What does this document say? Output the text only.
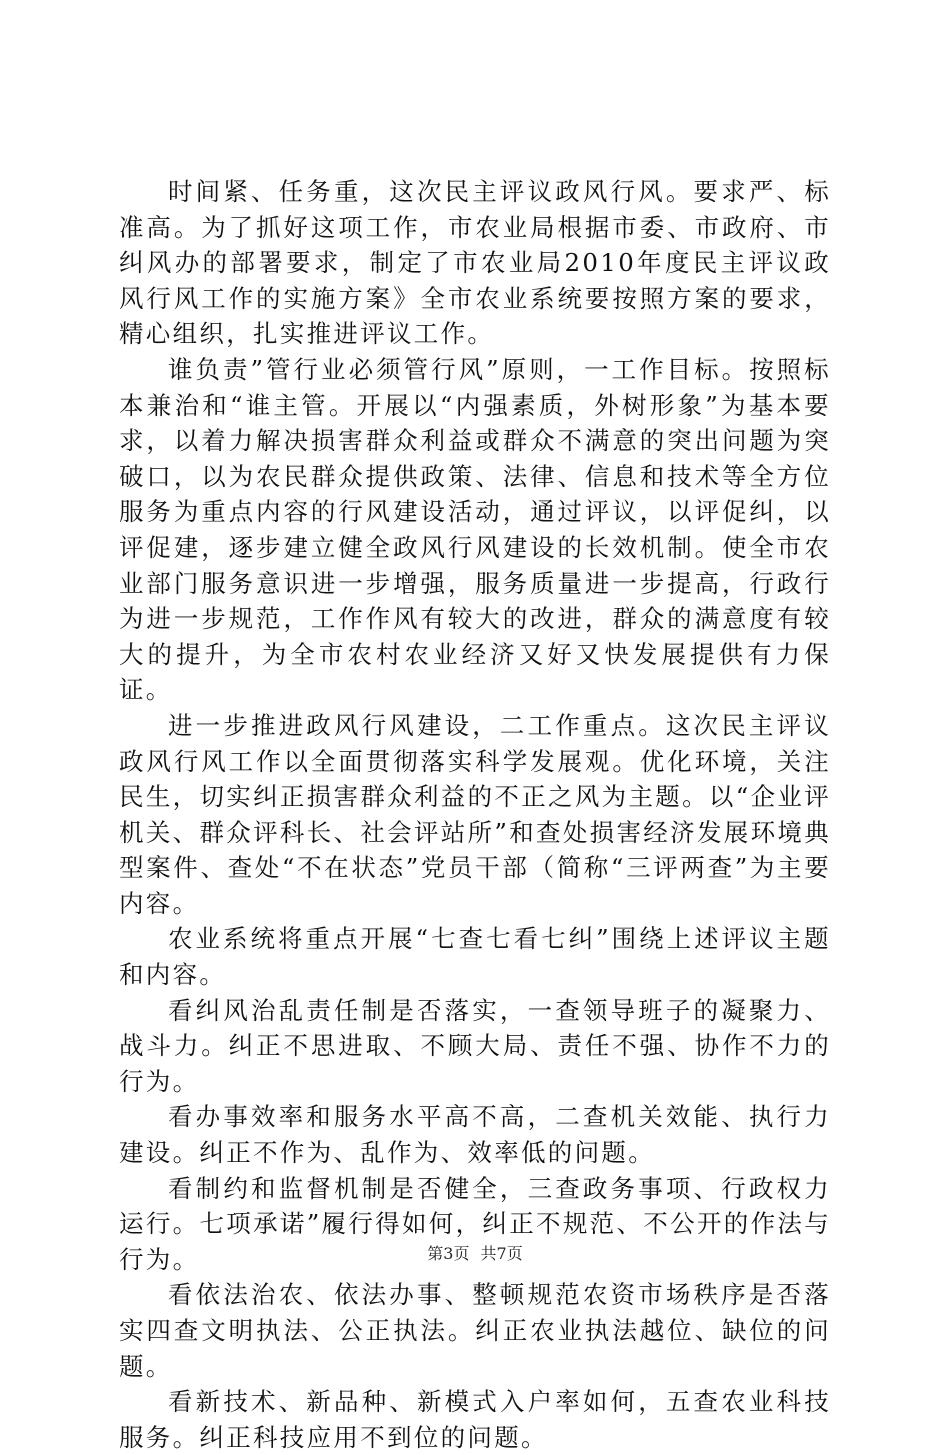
时间紧、任务重，这次民主评议政风行风。要求严、标准高。为了抓好这项工作，市农业局根据市委、市政府、市纠风办的部署要求，制定了市农业局2010年度民主评议政风行风工作的实施方案》全市农业系统要按照方案的要求，精心组织，扎实推进评议工作。

谁负责”管行业必须管行风”原则，一工作目标。按照标本兼治和“谁主管。开展以“内强素质，外树形象”为基本要求，以着力解决损害群众利益或群众不满意的突出问题为突破口，以为农民群众提供政策、法律、信息和技术等全方位服务为重点内容的行风建设活动，通过评议，以评促纠，以评促建，逐步建立健全政风行风建设的长效机制。使全市农业部门服务意识进一步增强，服务质量进一步提高，行政行为进一步规范，工作作风有较大的改进，群众的满意度有较大的提升，为全市农村农业经济又好又快发展提供有力保证。

进一步推进政风行风建设，二工作重点。这次民主评议政风行风工作以全面贯彻落实科学发展观。优化环境，关注民生，切实纠正损害群众利益的不正之风为主题。以“企业评机关、群众评科长、社会评站所”和查处损害经济发展环境典型案件、查处“不在状态”党员干部（简称“三评两查”为主要内容。

农业系统将重点开展“七查七看七纠”围绕上述评议主题和内容。

看纠风治乱责任制是否落实，一查领导班子的凝聚力、战斗力。纠正不思进取、不顾大局、责任不强、协作不力的行为。

看办事效率和服务水平高不高，二查机关效能、执行力建设。纠正不作为、乱作为、效率低的问题。

看制约和监督机制是否健全，三查政务事项、行政权力运行。七项承诺”履行得如何，纠正不规范、不公开的作法与行为。

看依法治农、依法办事、整顿规范农资市场秩序是否落实四查文明执法、公正执法。纠正农业执法越位、缺位的问题。

看新技术、新品种、新模式入户率如何，五查农业科技服务。纠正科技应用不到位的问题。

第3页 共7页
